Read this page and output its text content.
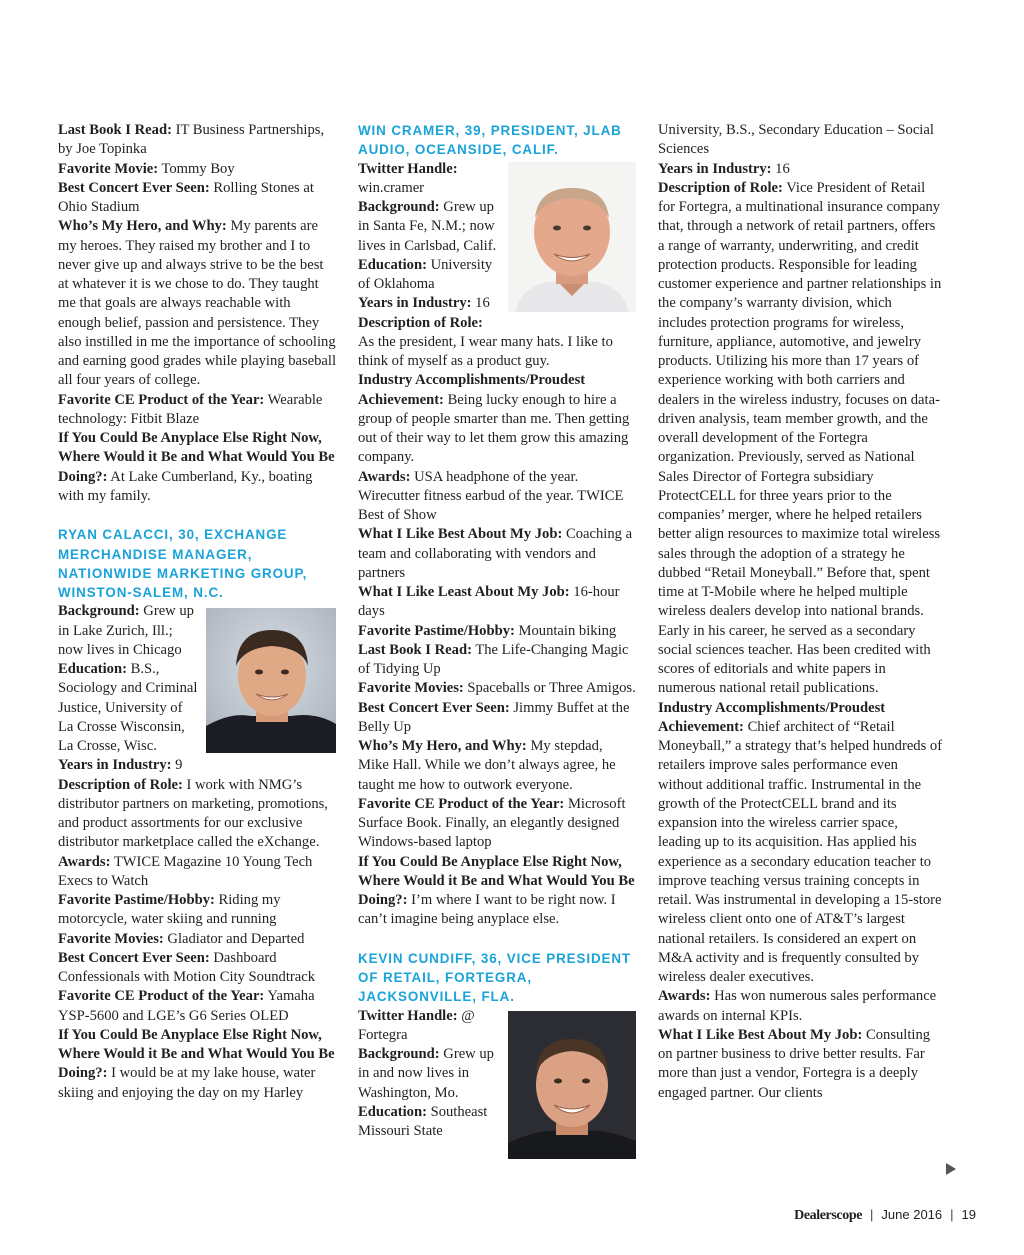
Last Book I Read: IT Business Partnerships, by Joe Topinka

Favorite Movie: Tommy Boy

Best Concert Ever Seen: Rolling Stones at Ohio Stadium

Who’s My Hero, and Why: My parents are my heroes. They raised my brother and I to never give up and always strive to be the best at whatever it is we chose to do. They taught me that goals are always reachable with enough belief, passion and persistence. They also instilled in me the importance of schooling and earning good grades while playing baseball all four years of college.

Favorite CE Product of the Year: Wearable technology: Fitbit Blaze

If You Could Be Anyplace Else Right Now, Where Would it Be and What Would You Be Doing?: At Lake Cumberland, Ky., boating with my family.

RYAN CALACCI, 30, EXCHANGE MERCHANDISE MANAGER, NATIONWIDE MARKETING GROUP, WINSTON-SALEM, N.C.

Background: Grew up in Lake Zurich, Ill.; now lives in Chicago

Education: B.S., Sociology and Criminal Justice, University of La Crosse Wisconsin, La Crosse, Wisc.

Years in Industry: 9

Description of Role: I work with NMG’s distributor partners on marketing, promotions, and product assortments for our exclusive distributor marketplace called the eXchange.

Awards: TWICE Magazine 10 Young Tech Execs to Watch

Favorite Pastime/Hobby: Riding my motorcycle, water skiing and running

Favorite Movies: Gladiator and Departed

Best Concert Ever Seen: Dashboard Confessionals with Motion City Soundtrack

Favorite CE Product of the Year: Yamaha YSP-5600 and LGE’s G6 Series OLED

If You Could Be Anyplace Else Right Now, Where Would it Be and What Would You Be Doing?: I would be at my lake house, water skiing and enjoying the day on my Harley

WIN CRAMER, 39, PRESIDENT, JLAB AUDIO, OCEANSIDE, CALIF.

Twitter Handle: win.cramer

Background: Grew up in Santa Fe, N.M.; now lives in Carlsbad, Calif.

Education: University of Oklahoma

Years in Industry: 16

Description of Role: As the president, I wear many hats. I like to think of myself as a product guy.

Industry Accomplishments/Proudest Achievement: Being lucky enough to hire a group of people smarter than me. Then getting out of their way to let them grow this amazing company.

Awards: USA headphone of the year. Wirecutter fitness earbud of the year. TWICE Best of Show

What I Like Best About My Job: Coaching a team and collaborating with vendors and partners

What I Like Least About My Job: 16-hour days

Favorite Pastime/Hobby: Mountain biking

Last Book I Read: The Life-Changing Magic of Tidying Up

Favorite Movies: Spaceballs or Three Amigos.

Best Concert Ever Seen: Jimmy Buffet at the Belly Up

Who’s My Hero, and Why: My stepdad, Mike Hall. While we don’t always agree, he taught me how to outwork everyone.

Favorite CE Product of the Year: Microsoft Surface Book. Finally, an elegantly designed Windows-based laptop

If You Could Be Anyplace Else Right Now, Where Would it Be and What Would You Be Doing?: I’m where I want to be right now. I can’t imagine being anyplace else.

KEVIN CUNDIFF, 36, VICE PRESIDENT OF RETAIL, FORTEGRA, JACKSONVILLE, FLA.

Twitter Handle: @ Fortegra

Background: Grew up in and now lives in Washington, Mo.

Education: Southeast Missouri State

University, B.S., Secondary Education – Social Sciences

Years in Industry: 16

Description of Role: Vice President of Retail for Fortegra, a multinational insurance company that, through a network of retail partners, offers a range of warranty, underwriting, and credit protection products. Responsible for leading customer experience and partner relationships in the company’s warranty division, which includes protection programs for wireless, furniture, appliance, automotive, and jewelry products. Utilizing his more than 17 years of experience working with both carriers and dealers in the wireless industry, focuses on data-driven analysis, team member growth, and the overall development of the Fortegra organization. Previously, served as National Sales Director of Fortegra subsidiary ProtectCELL for three years prior to the companies’ merger, where he helped retailers better align resources to maximize total wireless sales through the adoption of a strategy he dubbed “Retail Moneyball.” Before that, spent time at T-Mobile where he helped multiple wireless dealers develop into national brands. Early in his career, he served as a secondary social sciences teacher. Has been credited with scores of editorials and white papers in numerous national retail publications.

Industry Accomplishments/Proudest Achievement: Chief architect of “Retail Moneyball,” a strategy that’s helped hundreds of retailers improve sales performance even without additional traffic. Instrumental in the growth of the ProtectCELL brand and its expansion into the wireless carrier space, leading up to its acquisition. Has applied his experience as a secondary education teacher to improve teaching versus training concepts in retail. Was instrumental in developing a 15-store wireless client onto one of AT&T’s largest national retailers. Is considered an expert on M&A activity and is frequently consulted by wireless dealer executives.

Awards: Has won numerous sales performance awards on internal KPIs.

What I Like Best About My Job: Consulting on partner business to drive better results. Far more than just a vendor, Fortegra is a deeply engaged partner. Our clients

Dealerscope | June 2016 | 19
